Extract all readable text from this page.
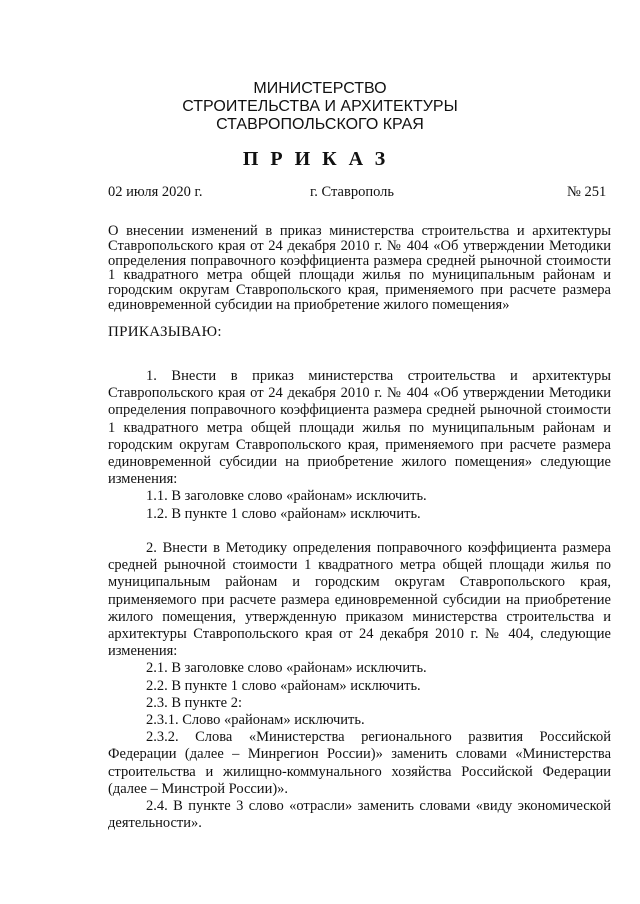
МИНИСТЕРСТВО
СТРОИТЕЛЬСТВА И АРХИТЕКТУРЫ
СТАВРОПОЛЬСКОГО КРАЯ
ПРИКАЗ
02 июля 2020 г.	г. Ставрополь	№ 251
О внесении изменений в приказ министерства строительства и архитектуры Ставропольского края от 24 декабря 2010 г. № 404 «Об утверждении Методики определения поправочного коэффициента размера средней рыночной стоимости 1 квадратного метра общей площади жилья по муниципальным районам и городским округам Ставропольского края, применяемого при расчете размера единовременной субсидии на приобретение жилого помещения»
ПРИКАЗЫВАЮ:
1. Внести в приказ министерства строительства и архитектуры Ставропольского края от 24 декабря 2010 г. № 404 «Об утверждении Методики определения поправочного коэффициента размера средней рыночной стоимости 1 квадратного метра общей площади жилья по муниципальным районам и городским округам Ставропольского края, применяемого при расчете размера единовременной субсидии на приобретение жилого помещения» следующие изменения:
1.1. В заголовке слово «районам» исключить.
1.2. В пункте 1 слово «районам» исключить.
2. Внести в Методику определения поправочного коэффициента размера средней рыночной стоимости 1 квадратного метра общей площади жилья по муниципальным районам и городским округам Ставропольского края, применяемого при расчете размера единовременной субсидии на приобретение жилого помещения, утвержденную приказом министерства строительства и архитектуры Ставропольского края от 24 декабря 2010 г. № 404, следующие изменения:
2.1. В заголовке слово «районам» исключить.
2.2. В пункте 1 слово «районам» исключить.
2.3. В пункте 2:
2.3.1. Слово «районам» исключить.
2.3.2. Слова «Министерства регионального развития Российской Федерации (далее – Минрегион России)» заменить словами «Министерства строительства и жилищно-коммунального хозяйства Российской Федерации (далее – Минстрой России)».
2.4. В пункте 3 слово «отрасли» заменить словами «виду экономической деятельности».
